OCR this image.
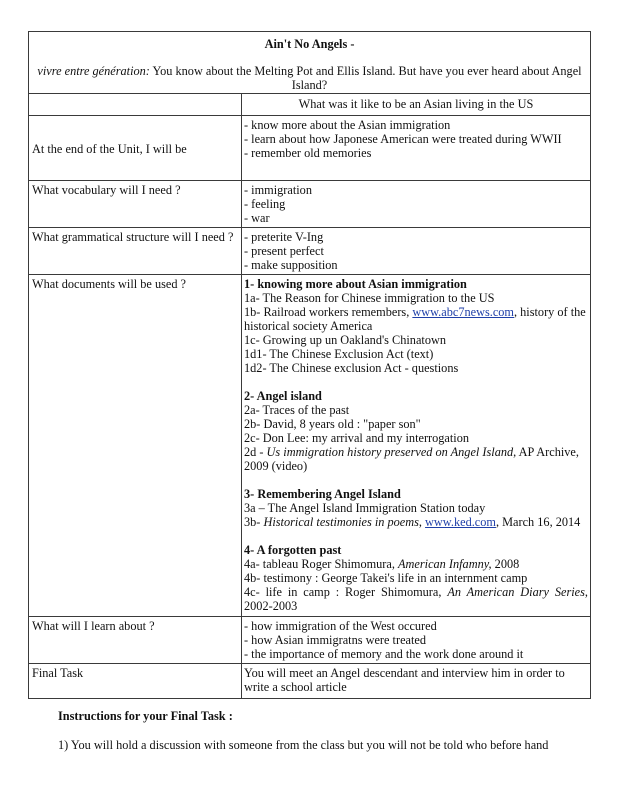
Ain't No Angels -
vivre entre génération: You know about the Melting Pot and Ellis Island. But have you ever heard about Angel Island?	
	What was it like to be an Asian living in the US
At the end of the Unit, I will be	- know more about the Asian immigration
- learn about how Japonese American were treated during WWII
- remember old memories

What vocabulary will I need ?	- immigration
- feeling
- war

What grammatical structure will I need ?	- preterite V-Ing
- present perfect
- make supposition

What documents will be used ?	1- knowing more about Asian immigration
1a- The Reason for Chinese immigration to the US
1b- Railroad workers remembers, www.abc7news.com, history of the historical society America
1c- Growing up un Oakland's Chinatown
1d1- The Chinese Exclusion Act (text)
1d2- The Chinese exclusion Act - questions
2- Angel island
2a- Traces of the past
2b- David, 8 years old : "paper son"
2c- Don Lee: my arrival and my interrogation
2d - Us immigration history preserved on Angel Island, AP Archive, 2009 (video)
3- Remembering Angel Island
3a – The Angel Island Immigration Station today
3b- Historical testimonies in poems, www.ked.com, March 16, 2014
4- A forgotten past
4a- tableau Roger Shimomura, American Infamny, 2008
4b- testimony : George Takei's life in an internment camp
4c- life in camp : Roger Shimomura, An American Diary Series, 2002-2003

What will I learn about ?	- how immigration of the West occured
- how Asian immigratns were treated
- the importance of memory and the work done around it

Final Task	You will meet an Angel descendant and interview him in order to write a school article
Instructions for your Final Task :
1) You will hold a discussion with someone from the class but you will not be told who before hand
